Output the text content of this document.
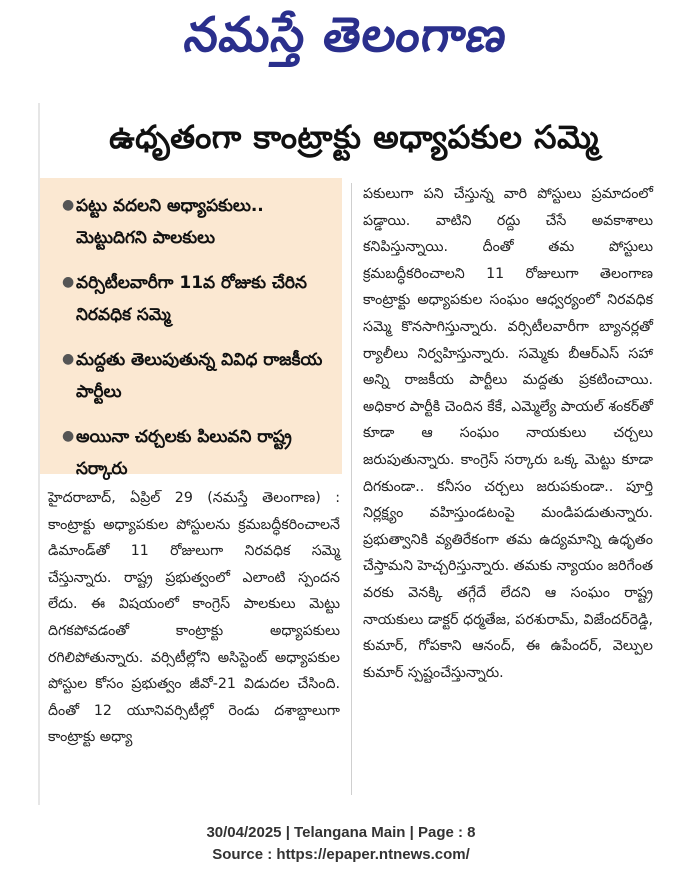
నమస్తే తెలంగాణ
ఉధృతంగా కాంట్రాక్టు అధ్యాపకుల సమ్మె
● పట్టు వదలని అధ్యాపకులు.. మెట్టుదిగని పాలకులు
● వర్సిటీలవారీగా 11వ రోజుకు చేరిన నిరవధిక సమ్మె
● మద్దతు తెలుపుతున్న వివిధ రాజకీయ పార్టీలు
● అయినా చర్చలకు పిలువని రాష్ట్ర సర్కారు

హైదరాబాద్, ఏప్రిల్ 29 (నమస్తే తెలంగాణ) : కాంట్రాక్టు అధ్యాపకుల పోస్టులను క్రమబద్ధీకరించాలనే డిమాండ్‌తో 11 రోజులుగా నిరవధిక సమ్మె చేస్తున్నారు. రాష్ట్ర ప్రభుత్వంలో ఎలాంటి స్పందన లేదు. ఈ విషయంలో కాంగ్రెస్ పాలకులు మెట్టు దిగకపోవడంతో కాంట్రాక్టు అధ్యాపకులు రగిలిపోతున్నారు. వర్సిటీల్లోని అసిస్టెంట్ అధ్యాపకుల పోస్టుల కోసం ప్రభుత్వం జీవో-21 విడుదల చేసింది. దీంతో 12 యూనివర్సిటీల్లో రెండు దశాబ్దాలుగా కాంట్రాక్టు అధ్యా

పకులుగా పని చేస్తున్న వారి పోస్టులు ప్రమాదంలో పడ్డాయి. వాటిని రద్దు చేసే అవకాశాలు కనిపిస్తున్నాయి. దీంతో తమ పోస్టులు క్రమబద్ధీకరించాలని 11 రోజులుగా తెలంగాణ కాంట్రాక్టు అధ్యాపకుల సంఘం ఆధ్వర్యంలో నిరవధిక సమ్మె కొనసాగిస్తున్నారు. వర్సిటీలవారీగా బ్యానర్లతో ర్యాలీలు నిర్వహిస్తున్నారు. సమ్మెకు బీఆర్‌ఎస్ సహా అన్ని రాజకీయ పార్టీలు మద్దతు ప్రకటించాయి. అధికార పార్టీకి చెందిన కేకే, ఎమ్మెల్యే పాయల్ శంకర్‌తో కూడా ఆ సంఘం నాయకులు చర్చలు జరుపుతున్నారు. కాంగ్రెస్ సర్కారు ఒక్క మెట్టు కూడా దిగకుండా.. కనీసం చర్చలు జరుపకుండా.. పూర్తి నిర్లక్ష్యం వహిస్తుండటంపై మండిపడుతున్నారు. ప్రభుత్వానికి వ్యతిరేకంగా తమ ఉద్యమాన్ని ఉధృతం చేస్తామని హెచ్చరిస్తున్నారు. తమకు న్యాయం జరిగేంత వరకు వెనక్కి తగ్గేదే లేదని ఆ సంఘం రాష్ట్ర నాయకులు డాక్టర్ ధర్మతేజ, పరశురామ్, విజేందర్‌రెడ్డి, కుమార్, గోపకాని ఆనంద్, ఈ ఉపేందర్, వెల్పుల కుమార్ స్పష్టంచేస్తున్నారు.

30/04/2025 | Telangana Main | Page : 8
Source : https://epaper.ntnews.com/
